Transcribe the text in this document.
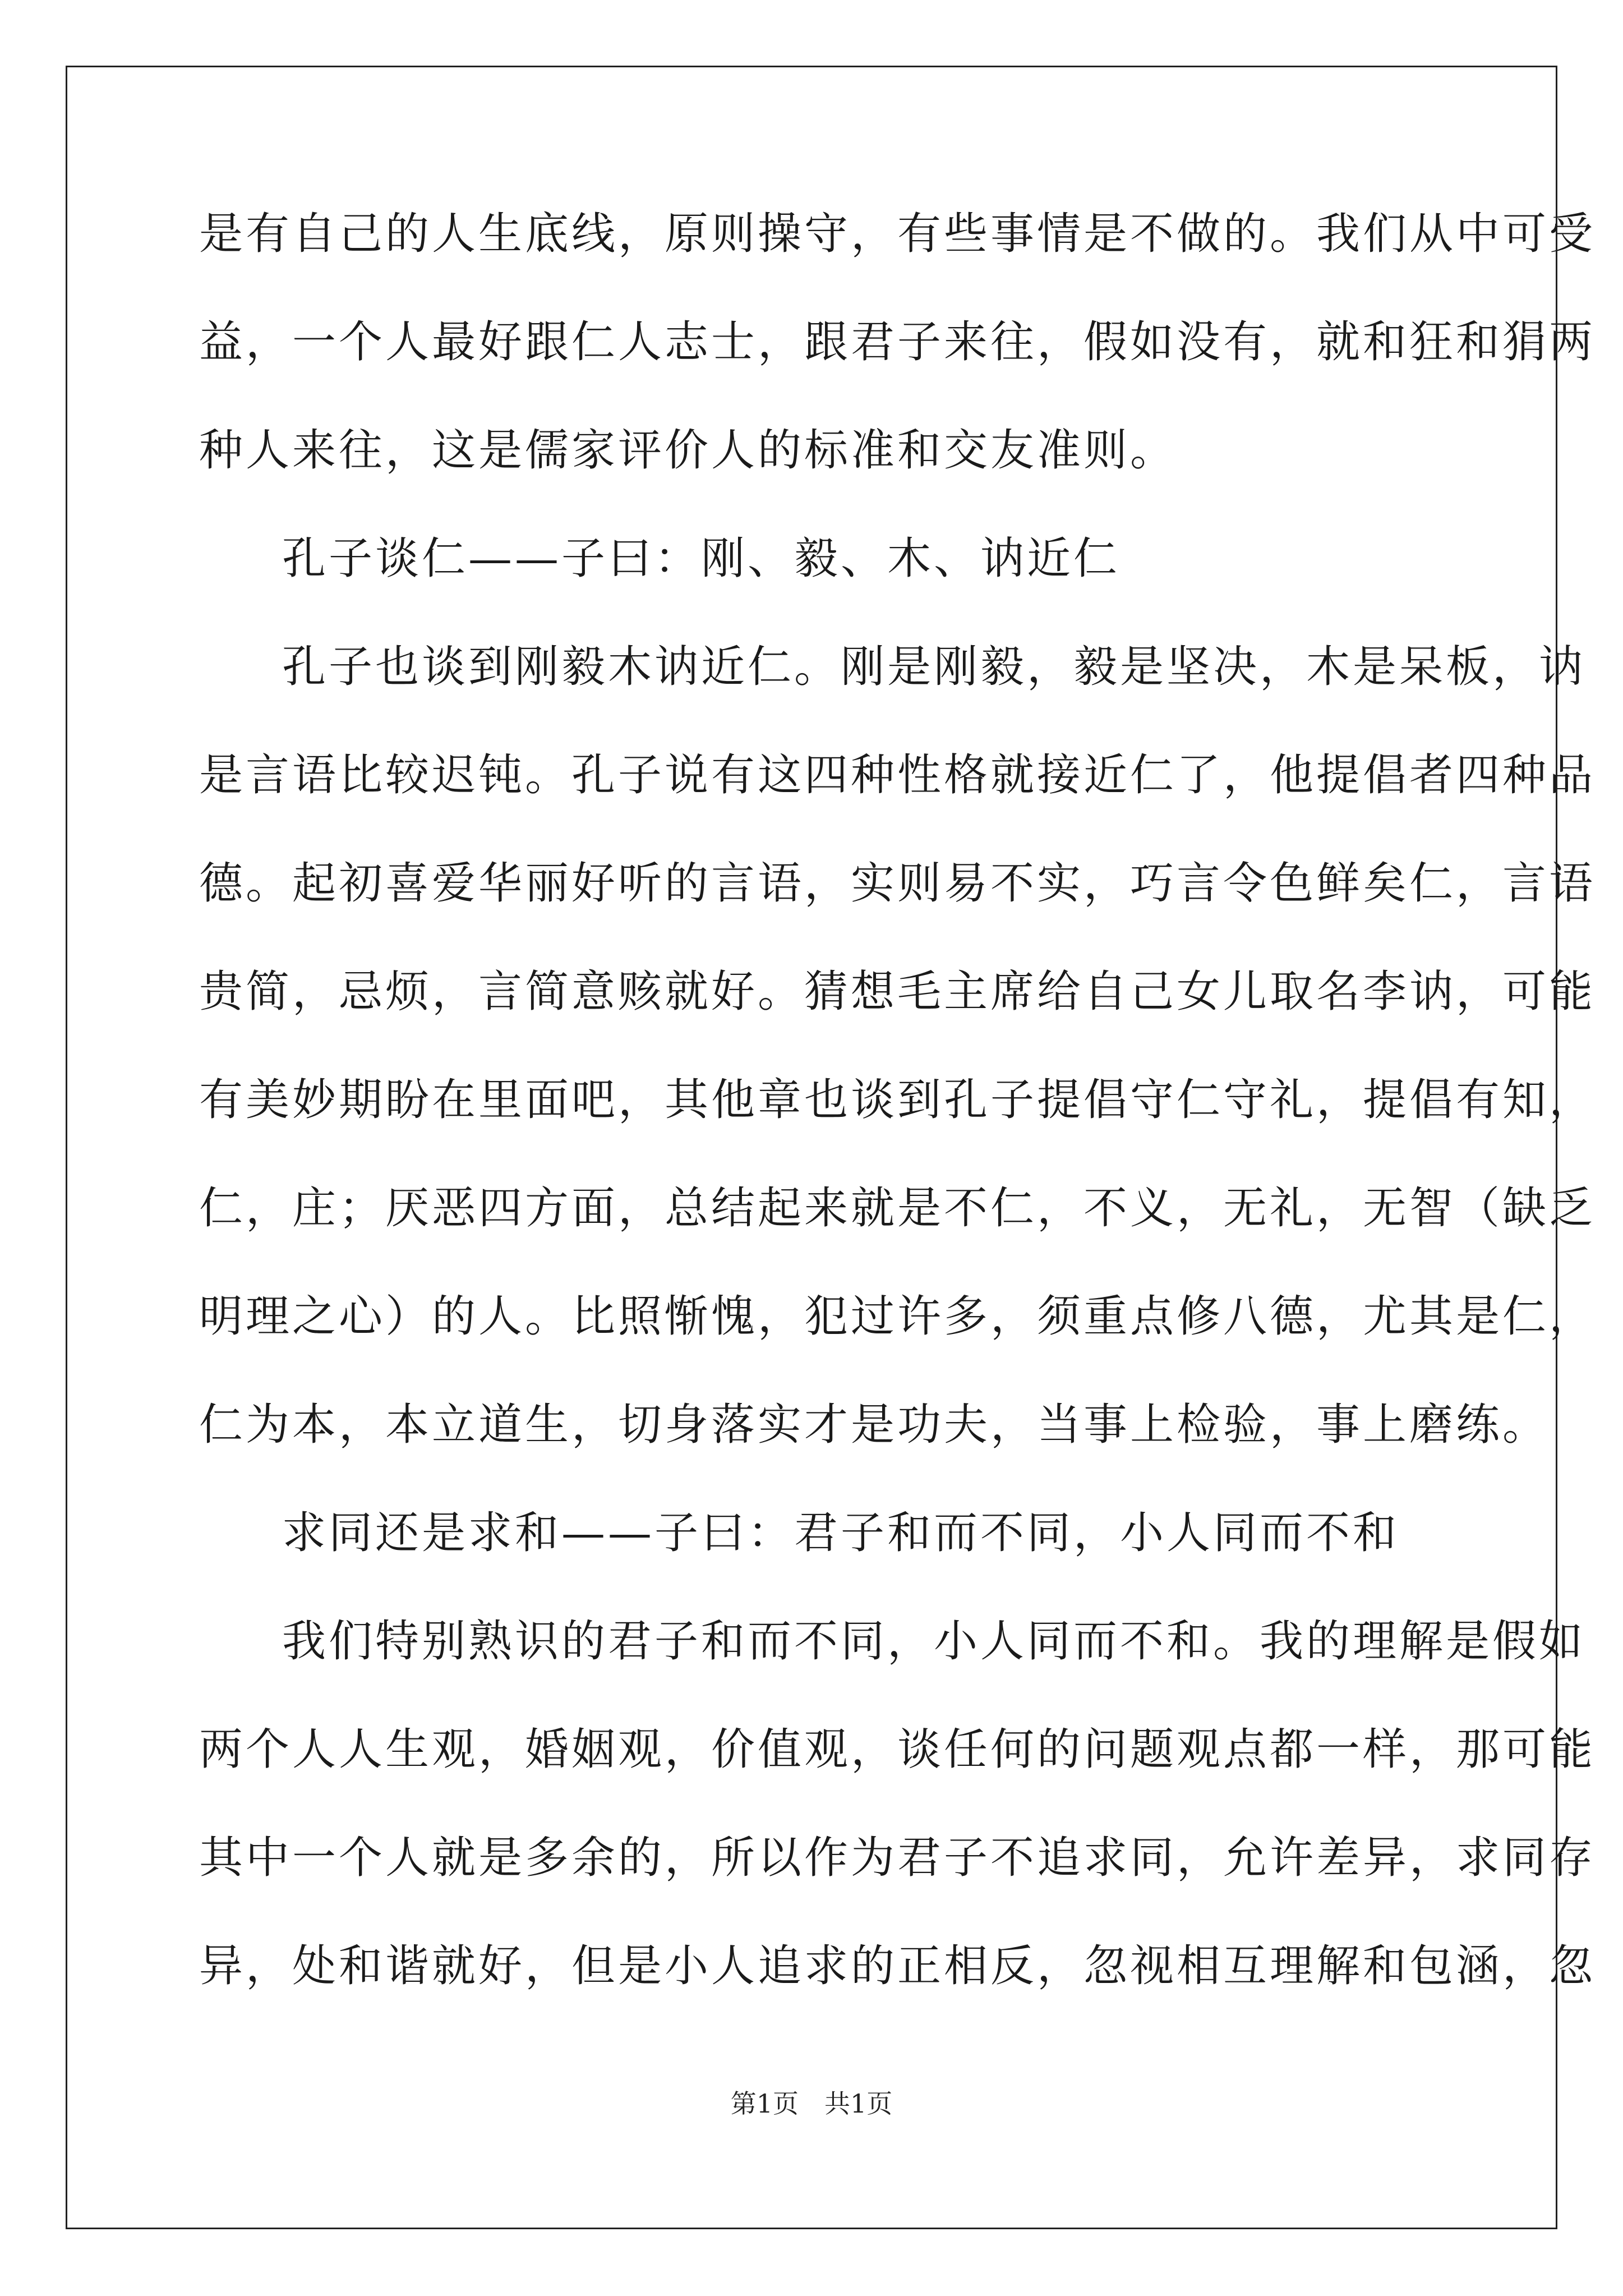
是有自己的人生底线，原则操守，有些事情是不做的。我们从中可受
益，一个人最好跟仁人志士，跟君子来往，假如没有，就和狂和狷两
种人来往，这是儒家评价人的标准和交友准则。
孔子谈仁——子曰：刚、毅、木、讷近仁
孔子也谈到刚毅木讷近仁。刚是刚毅，毅是坚决，木是呆板，讷
是言语比较迟钝。孔子说有这四种性格就接近仁了，他提倡者四种品
德。起初喜爱华丽好听的言语，实则易不实，巧言令色鲜矣仁，言语
贵简，忌烦，言简意赅就好。猜想毛主席给自己女儿取名李讷，可能
有美妙期盼在里面吧，其他章也谈到孔子提倡守仁守礼，提倡有知，
仁，庄；厌恶四方面，总结起来就是不仁，不义，无礼，无智（缺乏
明理之心）的人。比照惭愧，犯过许多，须重点修八德，尤其是仁，
仁为本，本立道生，切身落实才是功夫，当事上检验，事上磨练。
求同还是求和——子曰：君子和而不同，小人同而不和
我们特别熟识的君子和而不同，小人同而不和。我的理解是假如
两个人人生观，婚姻观，价值观，谈任何的问题观点都一样，那可能
其中一个人就是多余的，所以作为君子不追求同，允许差异，求同存
异，处和谐就好，但是小人追求的正相反，忽视相互理解和包涵，忽
第1页　共1页
